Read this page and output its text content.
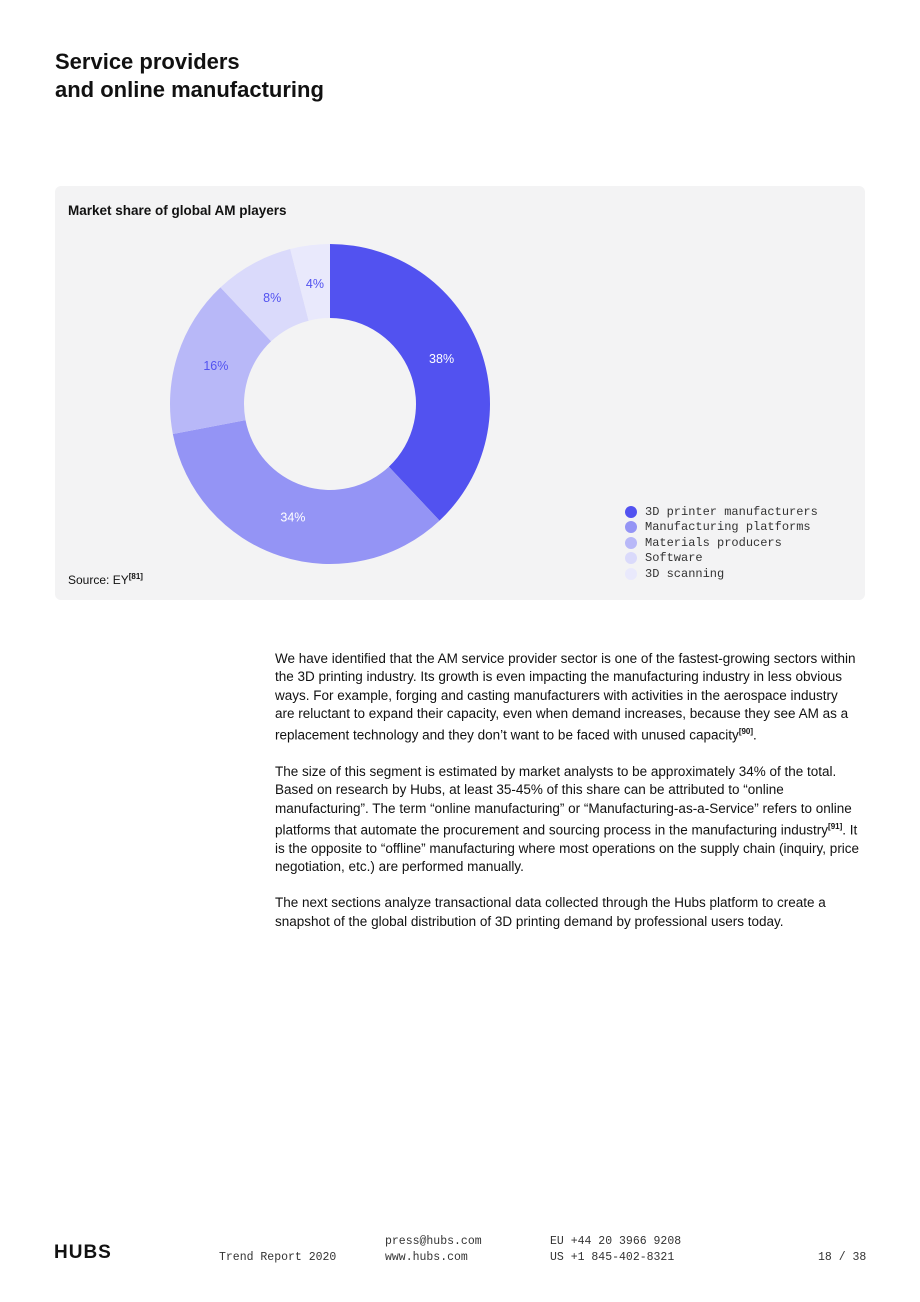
Service providers
and online manufacturing
Market share of global AM players
38%
34%
16%
8%
4%
3D printer manufacturers
Manufacturing platforms
Materials producers
Software
3D scanning
Source: EY[81]

We have identified that the AM service provider sector is one of the fastest-growing sectors within the 3D printing industry. Its growth is even impacting the manufacturing industry in less obvious ways. For example, forging and casting manufacturers with activities in the aerospace industry are reluctant to expand their capacity, even when demand increases, because they see AM as a replacement technology and they don’t want to be faced with unused capacity[90].

The size of this segment is estimated by market analysts to be approximately 34% of the total. Based on research by Hubs, at least 35-45% of this share can be attributed to “online manufacturing”. The term “online manufacturing” or “Manufacturing-as-a-Service” refers to online platforms that automate the procurement and sourcing process in the manufacturing industry[91]. It is the opposite to “offline” manufacturing where most operations on the supply chain (inquiry, price negotiation, etc.) are performed manually.

The next sections analyze transactional data collected through the Hubs platform to create a snapshot of the global distribution of 3D printing demand by professional users today.

HUBS	Trend Report 2020
press@hubs.com
www.hubs.com
EU +44 20 3966 9208
US +1 845-402-8321	18 / 38
